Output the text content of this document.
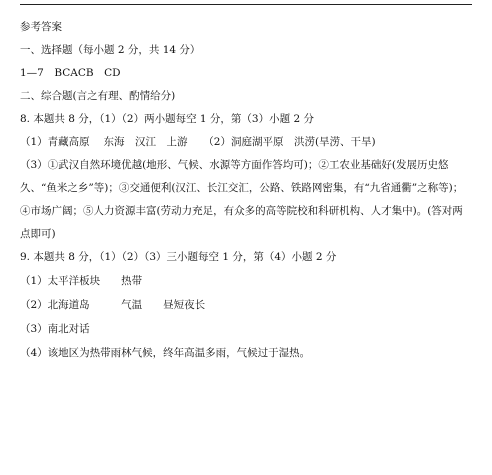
参考答案

一、选择题（每小题 2 分，共 14 分）

1—7　BCACB　CD

二、综合题(言之有理、酌情给分)

8. 本题共 8 分，（1）（2）两小题每空 1 分，第（3）小题 2 分

（1）青藏高原　 东海　汉江　上游　　（2）洞庭湖平原　洪涝(旱涝、干旱)

（3）①武汉自然环境优越(地形、气候、水源等方面作答均可)；②工农业基础好(发展历史悠久、“鱼米之乡”等)；③交通便利(汉江、长江交汇，公路、铁路网密集，有“九省通衢”之称等)；④市场广阔；⑤人力资源丰富(劳动力充足，有众多的高等院校和科研机构、人才集中)。(答对两点即可)

9. 本题共 8 分，（1）（2）（3）三小题每空 1 分，第（4）小题 2 分

（1）太平洋板块　　热带

（2）北海道岛　　　气温　　昼短夜长

（3）南北对话

（4）该地区为热带雨林气候，终年高温多雨，气候过于湿热。
